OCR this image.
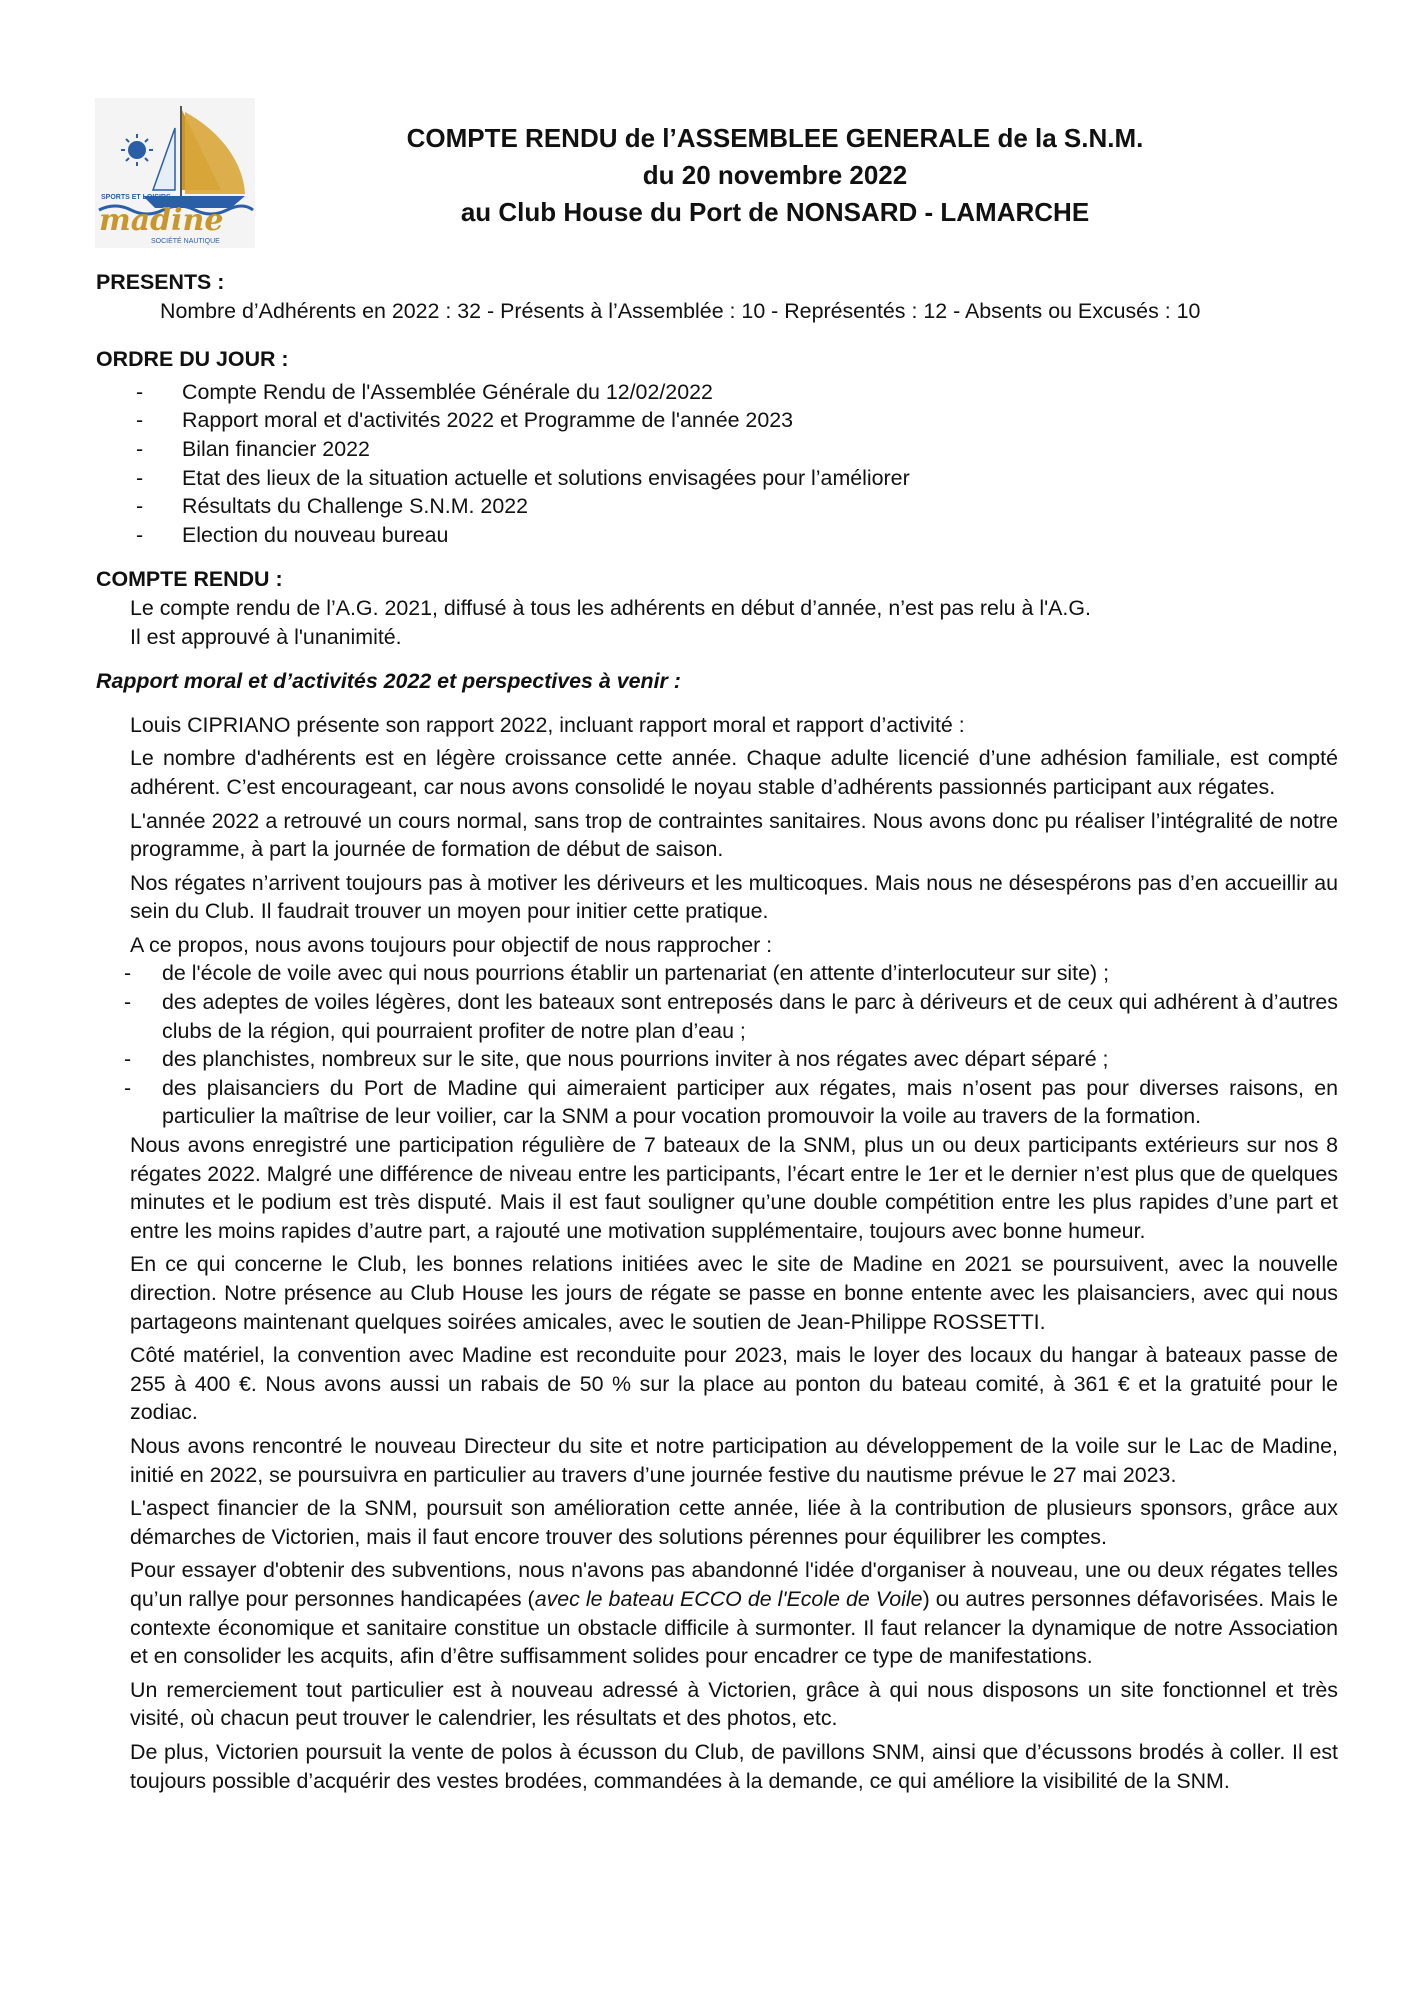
SPORTS ET LOISIRS
madine
SOCIÉTÉ NAUTIQUE
COMPTE RENDU de l’ASSEMBLEE GENERALE de la S.N.M.
du 20 novembre 2022
au Club House du Port de NONSARD - LAMARCHE
PRESENTS :
Nombre d’Adhérents en 2022 : 32 - Présents à l’Assemblée : 10 - Représentés : 12 - Absents ou Excusés : 10
ORDRE DU JOUR :
- Compte Rendu de l'Assemblée Générale du 12/02/2022
- Rapport moral et d'activités 2022 et Programme de l'année 2023
- Bilan financier 2022
- Etat des lieux de la situation actuelle et solutions envisagées pour l’améliorer
- Résultats du Challenge S.N.M. 2022
- Election du nouveau bureau
COMPTE RENDU :
Le compte rendu de l’A.G. 2021, diffusé à tous les adhérents en début d’année, n’est pas relu à l'A.G.
Il est approuvé à l'unanimité.
Rapport moral et d’activités 2022 et perspectives à venir :
Louis CIPRIANO présente son rapport 2022, incluant rapport moral et rapport d’activité :
Le nombre d'adhérents est en légère croissance cette année. Chaque adulte licencié d’une adhésion familiale, est compté adhérent. C’est encourageant, car nous avons consolidé le noyau stable d’adhérents passionnés participant aux régates.
L'année 2022 a retrouvé un cours normal, sans trop de contraintes sanitaires. Nous avons donc pu réaliser l’intégralité de notre programme, à part la journée de formation de début de saison.
Nos régates n’arrivent toujours pas à motiver les dériveurs et les multicoques. Mais nous ne désespérons pas d’en accueillir au sein du Club. Il faudrait trouver un moyen pour initier cette pratique.
A ce propos, nous avons toujours pour objectif de nous rapprocher :
- de l'école de voile avec qui nous pourrions établir un partenariat (en attente d’interlocuteur sur site) ;
- des adeptes de voiles légères, dont les bateaux sont entreposés dans le parc à dériveurs et de ceux qui adhérent à d’autres clubs de la région, qui pourraient profiter de notre plan d’eau ;
- des planchistes, nombreux sur le site, que nous pourrions inviter à nos régates avec départ séparé ;
- des plaisanciers du Port de Madine qui aimeraient participer aux régates, mais n’osent pas pour diverses raisons, en particulier la maîtrise de leur voilier, car la SNM a pour vocation promouvoir la voile au travers de la formation.
Nous avons enregistré une participation régulière de 7 bateaux de la SNM, plus un ou deux participants extérieurs sur nos 8 régates 2022. Malgré une différence de niveau entre les participants, l’écart entre le 1er et le dernier n’est plus que de quelques minutes et le podium est très disputé. Mais il est faut souligner qu’une double compétition entre les plus rapides d’une part et entre les moins rapides d’autre part, a rajouté une motivation supplémentaire, toujours avec bonne humeur.
En ce qui concerne le Club, les bonnes relations initiées avec le site de Madine en 2021 se poursuivent, avec la nouvelle direction. Notre présence au Club House les jours de régate se passe en bonne entente avec les plaisanciers, avec qui nous partageons maintenant quelques soirées amicales, avec le soutien de Jean-Philippe ROSSETTI.
Côté matériel, la convention avec Madine est reconduite pour 2023, mais le loyer des locaux du hangar à bateaux passe de 255 à 400 €. Nous avons aussi un rabais de 50 % sur la place au ponton du bateau comité, à 361 € et la gratuité pour le zodiac.
Nous avons rencontré le nouveau Directeur du site et notre participation au développement de la voile sur le Lac de Madine, initié en 2022, se poursuivra en particulier au travers d’une journée festive du nautisme prévue le 27 mai 2023.
L'aspect financier de la SNM, poursuit son amélioration cette année, liée à la contribution de plusieurs sponsors, grâce aux démarches de Victorien, mais il faut encore trouver des solutions pérennes pour équilibrer les comptes.
Pour essayer d'obtenir des subventions, nous n'avons pas abandonné l'idée d'organiser à nouveau, une ou deux régates telles qu’un rallye pour personnes handicapées (avec le bateau ECCO de l'Ecole de Voile) ou autres personnes défavorisées. Mais le contexte économique et sanitaire constitue un obstacle difficile à surmonter. Il faut relancer la dynamique de notre Association et en consolider les acquits, afin d’être suffisamment solides pour encadrer ce type de manifestations.
Un remerciement tout particulier est à nouveau adressé à Victorien, grâce à qui nous disposons un site fonctionnel et très visité, où chacun peut trouver le calendrier, les résultats et des photos, etc.
De plus, Victorien poursuit la vente de polos à écusson du Club, de pavillons SNM, ainsi que d’écussons brodés à coller. Il est toujours possible d’acquérir des vestes brodées, commandées à la demande, ce qui améliore la visibilité de la SNM.
